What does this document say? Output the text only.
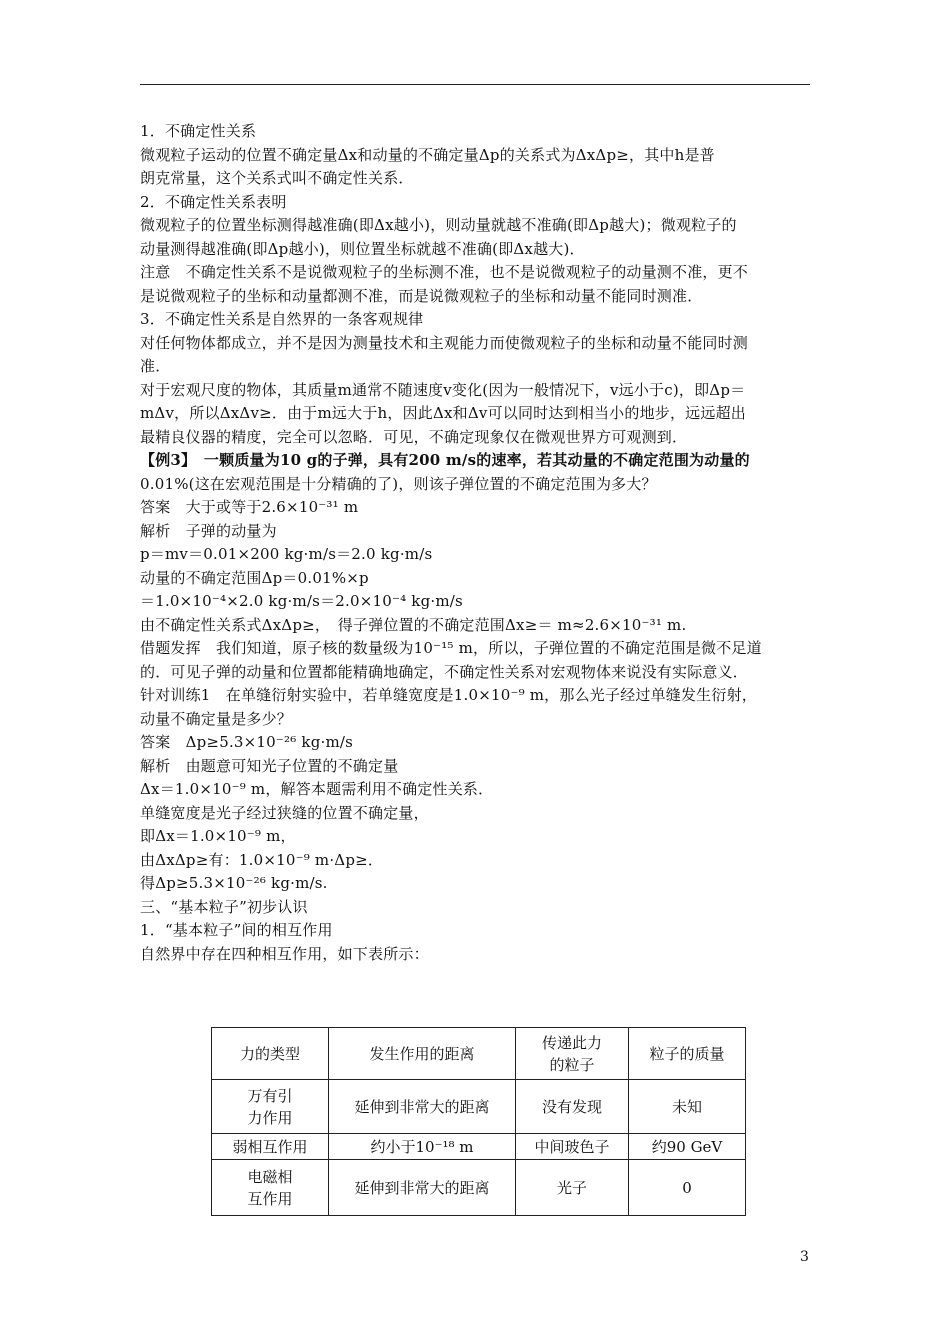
1．不确定性关系
微观粒子运动的位置不确定量Δx和动量的不确定量Δp的关系式为ΔxΔp≥，其中h是普
朗克常量，这个关系式叫不确定性关系．
2．不确定性关系表明
微观粒子的位置坐标测得越准确(即Δx越小)，则动量就越不准确(即Δp越大)；微观粒子的
动量测得越准确(即Δp越小)，则位置坐标就越不准确(即Δx越大)．
注意　不确定性关系不是说微观粒子的坐标测不准，也不是说微观粒子的动量测不准，更不
是说微观粒子的坐标和动量都测不准，而是说微观粒子的坐标和动量不能同时测准．
3．不确定性关系是自然界的一条客观规律
对任何物体都成立，并不是因为测量技术和主观能力而使微观粒子的坐标和动量不能同时测
准．
对于宏观尺度的物体，其质量m通常不随速度v变化(因为一般情况下，v远小于c)，即Δp＝
mΔv，所以ΔxΔv≥．由于m远大于h，因此Δx和Δv可以同时达到相当小的地步，远远超出
最精良仪器的精度，完全可以忽略．可见，不确定现象仅在微观世界方可观测到．
【例3】　一颗质量为10 g的子弹，具有200 m/s的速率，若其动量的不确定范围为动量的
0.01%(这在宏观范围是十分精确的了)，则该子弹位置的不确定范围为多大？
答案　大于或等于2.6×10⁻³¹ m
解析　子弹的动量为
p＝mv＝0.01×200 kg·m/s＝2.0 kg·m/s
动量的不确定范围Δp＝0.01%×p
＝1.0×10⁻⁴×2.0 kg·m/s＝2.0×10⁻⁴ kg·m/s
由不确定性关系式ΔxΔp≥，　得子弹位置的不确定范围Δx≥＝ m≈2.6×10⁻³¹ m.
借题发挥　我们知道，原子核的数量级为10⁻¹⁵ m，所以，子弹位置的不确定范围是微不足道
的．可见子弹的动量和位置都能精确地确定，不确定性关系对宏观物体来说没有实际意义．
针对训练1　在单缝衍射实验中，若单缝宽度是1.0×10⁻⁹ m，那么光子经过单缝发生衍射，
动量不确定量是多少？
答案　Δp≥5.3×10⁻²⁶ kg·m/s
解析　由题意可知光子位置的不确定量
Δx＝1.0×10⁻⁹ m，解答本题需利用不确定性关系．
单缝宽度是光子经过狭缝的位置不确定量，
即Δx＝1.0×10⁻⁹ m，
由ΔxΔp≥有：1.0×10⁻⁹ m·Δp≥．
得Δp≥5.3×10⁻²⁶ kg·m/s.
三、“基本粒子”初步认识
1．“基本粒子”间的相互作用
自然界中存在四种相互作用，如下表所示：
力的类型	发生作用的距离	传递此力
的粒子	粒子的质量
万有引
力作用	延伸到非常大的距离	没有发现	未知
弱相互作用	约小于10⁻¹⁸ m	中间玻色子	约90 GeV
电磁相
互作用	延伸到非常大的距离	光子	0
3
